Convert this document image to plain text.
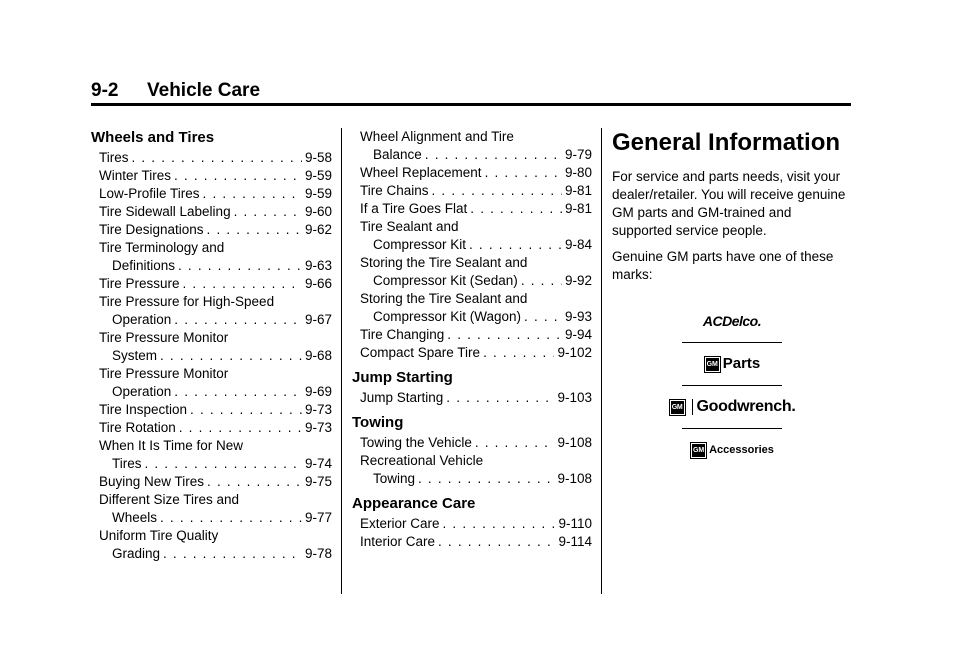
9-2 Vehicle Care
Wheels and Tires
Tires . . .	9-58
Winter Tires . . .	9-59
Low-Profile Tires . . .	9-59
Tire Sidewall Labeling . . .	9-60
Tire Designations . . .	9-62
Tire Terminology and
Definitions . . .	9-63
Tire Pressure . . .	9-66
Tire Pressure for High-Speed
Operation . . .	9-67
Tire Pressure Monitor
System . . .	9-68
Tire Pressure Monitor
Operation . . .	9-69
Tire Inspection . . .	9-73
Tire Rotation . . .	9-73
When It Is Time for New
Tires . . .	9-74
Buying New Tires . . .	9-75
Different Size Tires and
Wheels . . .	9-77
Uniform Tire Quality
Grading . . .	9-78
Wheel Alignment and Tire
Balance . . .	9-79
Wheel Replacement . . .	9-80
Tire Chains . . .	9-81
If a Tire Goes Flat . . .	9-81
Tire Sealant and
Compressor Kit . . .	9-84
Storing the Tire Sealant and
Compressor Kit (Sedan) . . .	9-92
Storing the Tire Sealant and
Compressor Kit (Wagon) . . .	9-93
Tire Changing . . .	9-94
Compact Spare Tire . . .	9-102
Jump Starting
Jump Starting . . .	9-103
Towing
Towing the Vehicle . . .	9-108
Recreational Vehicle
Towing . . .	9-108
Appearance Care
Exterior Care . . .	9-110
Interior Care . . .	9-114
General Information

For service and parts needs, visit your dealer/retailer. You will receive genuine GM parts and GM-trained and supported service people.

Genuine GM parts have one of these marks:

ACDelco.
GM Parts
GM Goodwrench.
GM Accessories
